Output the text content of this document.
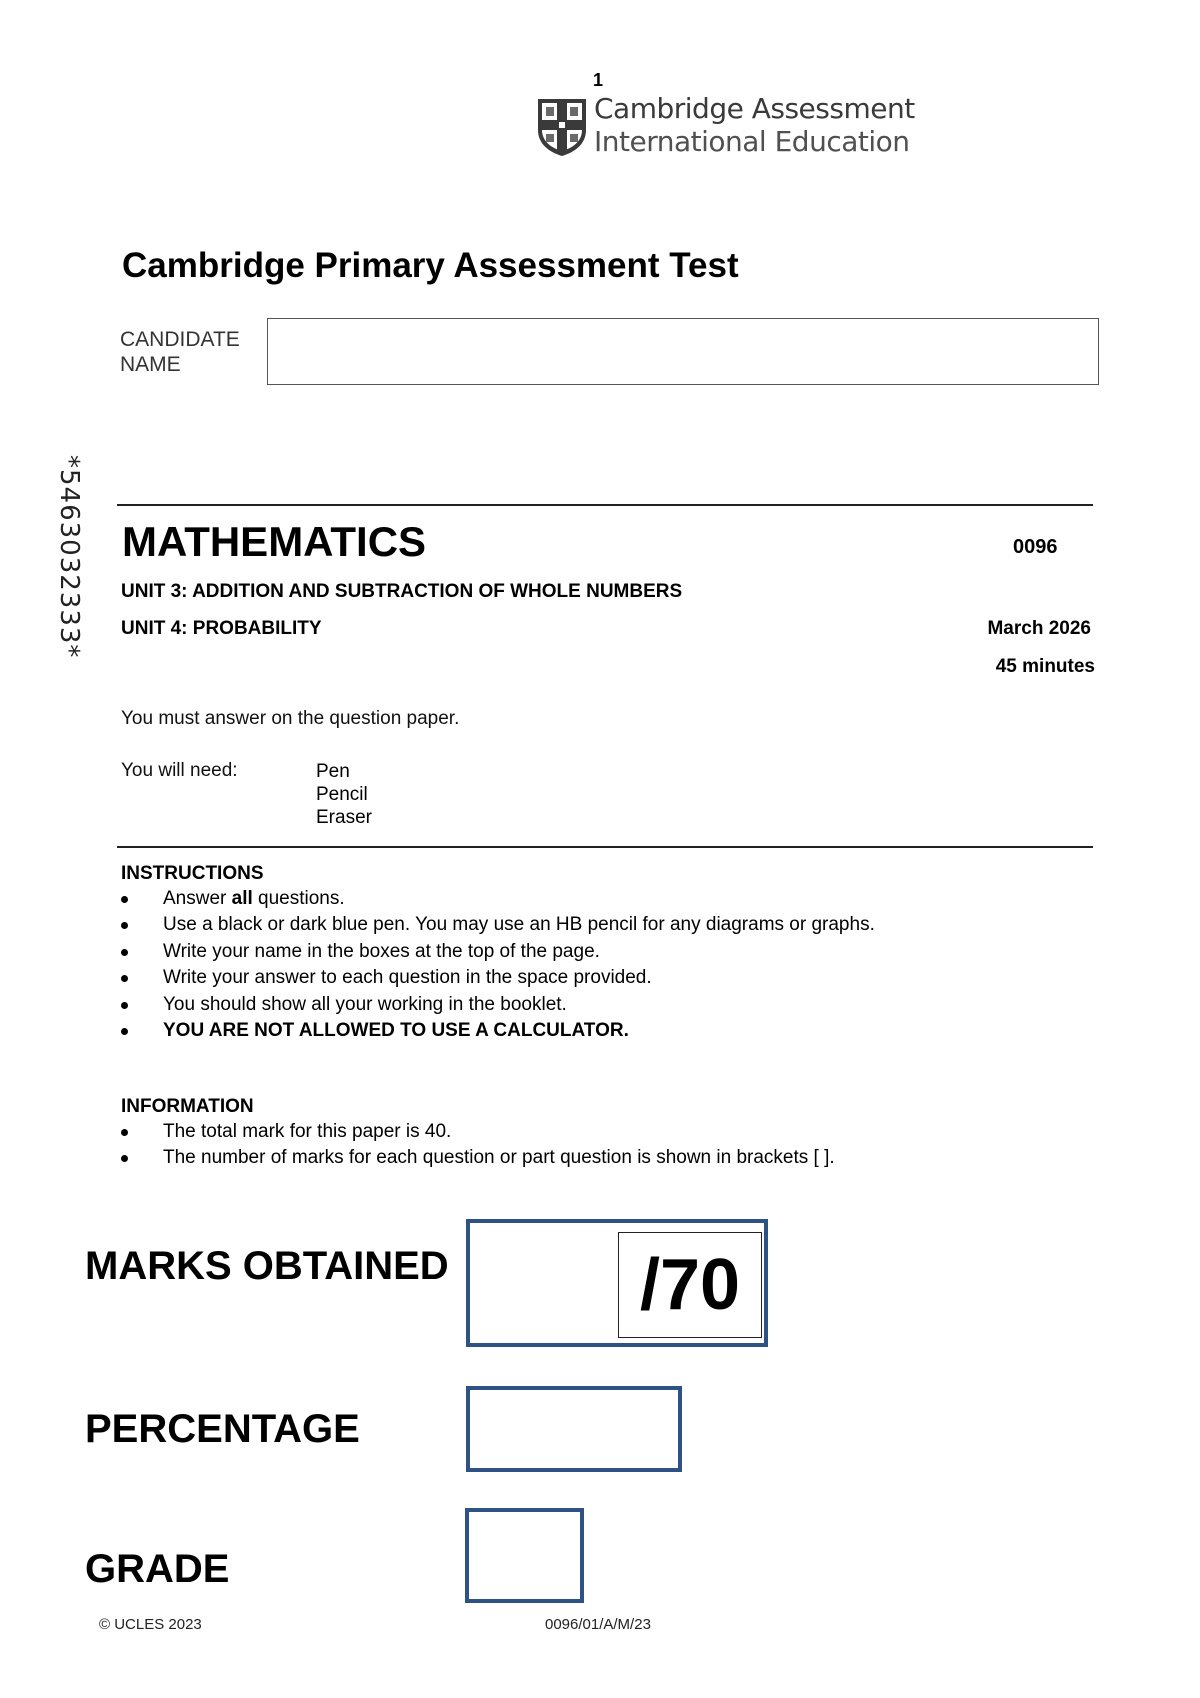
1
Cambridge Assessment
International Education
Cambridge Primary Assessment Test
CANDIDATE
NAME
*5463032333* MATHEMATICS	0096
UNIT 3: ADDITION AND SUBTRACTION OF WHOLE NUMBERS
UNIT 4: PROBABILITY	March 2026
45 minutes
You must answer on the question paper.
You will need:	Pen
Pencil
Eraser
INSTRUCTIONS
Answer all questions.
Use a black or dark blue pen. You may use an HB pencil for any diagrams or graphs.
Write your name in the boxes at the top of the page.
Write your answer to each question in the space provided.
You should show all your working in the booklet.
YOU ARE NOT ALLOWED TO USE A CALCULATOR.
INFORMATION
The total mark for this paper is 40.
The number of marks for each question or part question is shown in brackets [ ].
MARKS OBTAINED	/70
PERCENTAGE
GRADE
© UCLES 2023	0096/01/A/M/23
